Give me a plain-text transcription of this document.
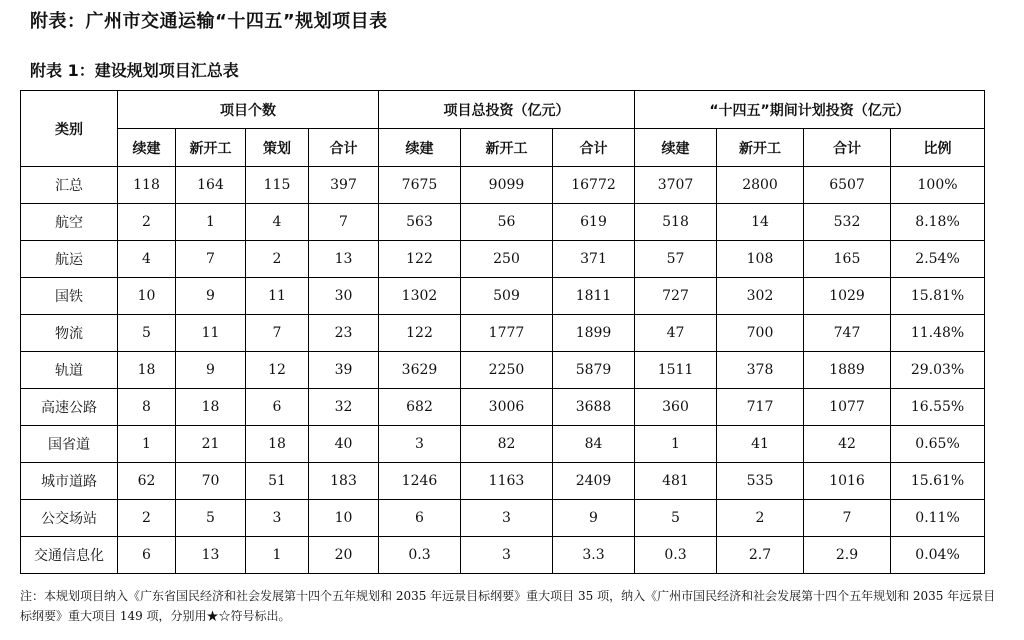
附表：广州市交通运输“十四五”规划项目表
附表 1：建设规划项目汇总表
类别	项目个数				项目总投资（亿元）			“十四五”期间计划投资（亿元）			
	续建	新开工	策划	合计	续建	新开工	合计	续建	新开工	合计	比例
汇总	118	164	115	397	7675	9099	16772	3707	2800	6507	100%
航空	2	1	4	7	563	56	619	518	14	532	8.18%
航运	4	7	2	13	122	250	371	57	108	165	2.54%
国铁	10	9	11	30	1302	509	1811	727	302	1029	15.81%
物流	5	11	7	23	122	1777	1899	47	700	747	11.48%
轨道	18	9	12	39	3629	2250	5879	1511	378	1889	29.03%
高速公路	8	18	6	32	682	3006	3688	360	717	1077	16.55%
国省道	1	21	18	40	3	82	84	1	41	42	0.65%
城市道路	62	70	51	183	1246	1163	2409	481	535	1016	15.61%
公交场站	2	5	3	10	6	3	9	5	2	7	0.11%
交通信息化	6	13	1	20	0.3	3	3.3	0.3	2.7	2.9	0.04%
注：本规划项目纳入《广东省国民经济和社会发展第十四个五年规划和 2035 年远景目标纲要》重大项目 35 项，纳入《广州市国民经济和社会发展第十四个五年规划和 2035 年远景目标纲要》重大项目 149 项，分别用★☆符号标出。
